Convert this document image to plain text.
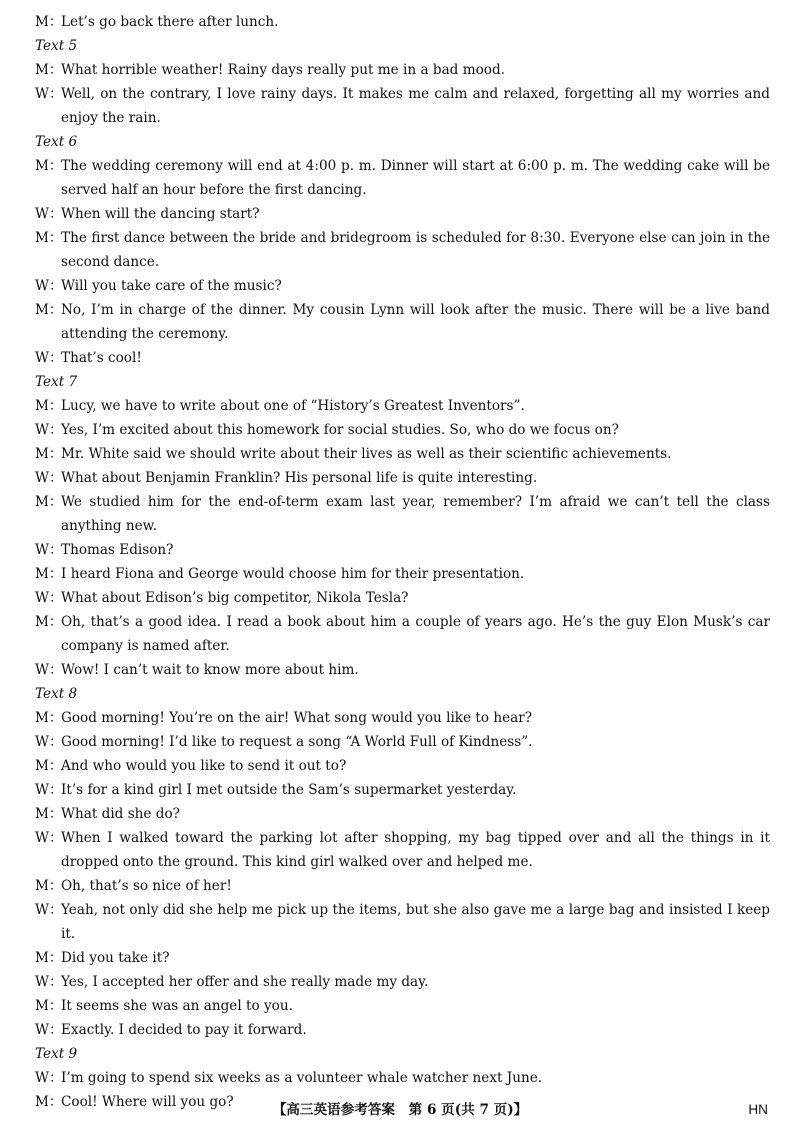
M：Let’s go back there after lunch.
Text 5
M：What horrible weather! Rainy days really put me in a bad mood.
W：Well, on the contrary, I love rainy days. It makes me calm and relaxed, forgetting all my worries and enjoy the rain.
Text 6
M：The wedding ceremony will end at 4:00 p. m. Dinner will start at 6:00 p. m. The wedding cake will be served half an hour before the first dancing.
W：When will the dancing start?
M：The first dance between the bride and bridegroom is scheduled for 8:30. Everyone else can join in the second dance.
W：Will you take care of the music?
M：No, I’m in charge of the dinner. My cousin Lynn will look after the music. There will be a live band attending the ceremony.
W：That’s cool!
Text 7
M：Lucy, we have to write about one of “History’s Greatest Inventors”.
W：Yes, I’m excited about this homework for social studies. So, who do we focus on?
M：Mr. White said we should write about their lives as well as their scientific achievements.
W：What about Benjamin Franklin? His personal life is quite interesting.
M：We studied him for the end-of-term exam last year, remember? I’m afraid we can’t tell the class anything new.
W：Thomas Edison?
M：I heard Fiona and George would choose him for their presentation.
W：What about Edison’s big competitor, Nikola Tesla?
M：Oh, that’s a good idea. I read a book about him a couple of years ago. He’s the guy Elon Musk’s car company is named after.
W：Wow! I can’t wait to know more about him.
Text 8
M：Good morning! You’re on the air! What song would you like to hear?
W：Good morning! I’d like to request a song “A World Full of Kindness”.
M：And who would you like to send it out to?
W：It’s for a kind girl I met outside the Sam’s supermarket yesterday.
M：What did she do?
W：When I walked toward the parking lot after shopping, my bag tipped over and all the things in it dropped onto the ground. This kind girl walked over and helped me.
M：Oh, that’s so nice of her!
W：Yeah, not only did she help me pick up the items, but she also gave me a large bag and insisted I keep it.
M：Did you take it?
W：Yes, I accepted her offer and she really made my day.
M：It seems she was an angel to you.
W：Exactly. I decided to pay it forward.
Text 9
W：I’m going to spend six weeks as a volunteer whale watcher next June.
M：Cool! Where will you go?	【高三英语参考答案　第 6 页(共 7 页)】	HN
